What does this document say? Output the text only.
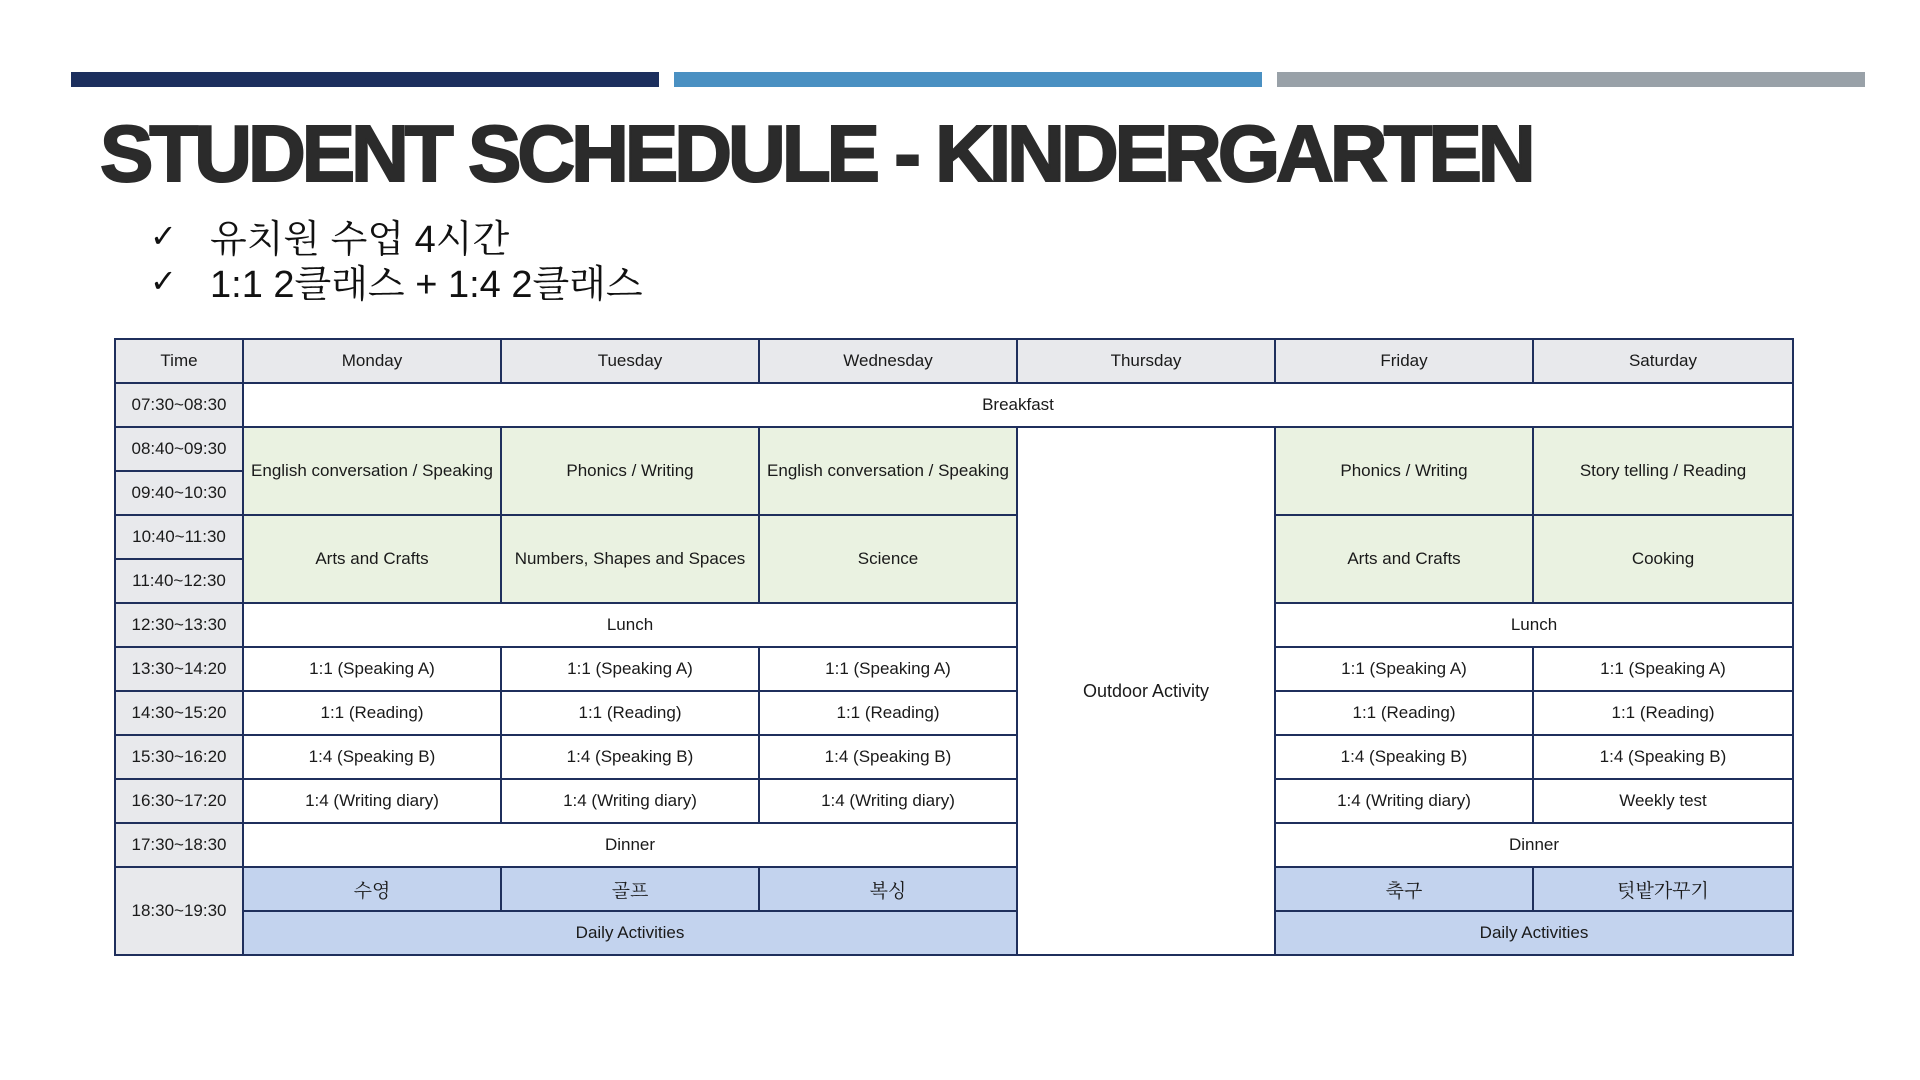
STUDENT SCHEDULE - KINDERGARTEN
✓ 유치원 수업 4시간
✓ 1:1 2클래스 + 1:4 2클래스
Time	Monday	Tuesday	Wednesday	Thursday	Friday	Saturday
07:30~08:30	Breakfast					
08:40~09:30	English conversation / Speaking	Phonics / Writing	English conversation / Speaking	Outdoor Activity	Phonics / Writing	Story telling / Reading
09:40~10:30						
10:40~11:30	Arts and Crafts	Numbers, Shapes and Spaces	Science		Arts and Crafts	Cooking
11:40~12:30						
12:30~13:30	Lunch				Lunch	
13:30~14:20	1:1 (Speaking A)	1:1 (Speaking A)	1:1 (Speaking A)		1:1 (Speaking A)	1:1 (Speaking A)
14:30~15:20	1:1 (Reading)	1:1 (Reading)	1:1 (Reading)		1:1 (Reading)	1:1 (Reading)
15:30~16:20	1:4 (Speaking B)	1:4 (Speaking B)	1:4 (Speaking B)		1:4 (Speaking B)	1:4 (Speaking B)
16:30~17:20	1:4 (Writing diary)	1:4 (Writing diary)	1:4 (Writing diary)		1:4 (Writing diary)	Weekly test
17:30~18:30	Dinner				Dinner	
18:30~19:30	수영	골프	복싱		축구	텃밭가꾸기
	Daily Activities				Daily Activities	
